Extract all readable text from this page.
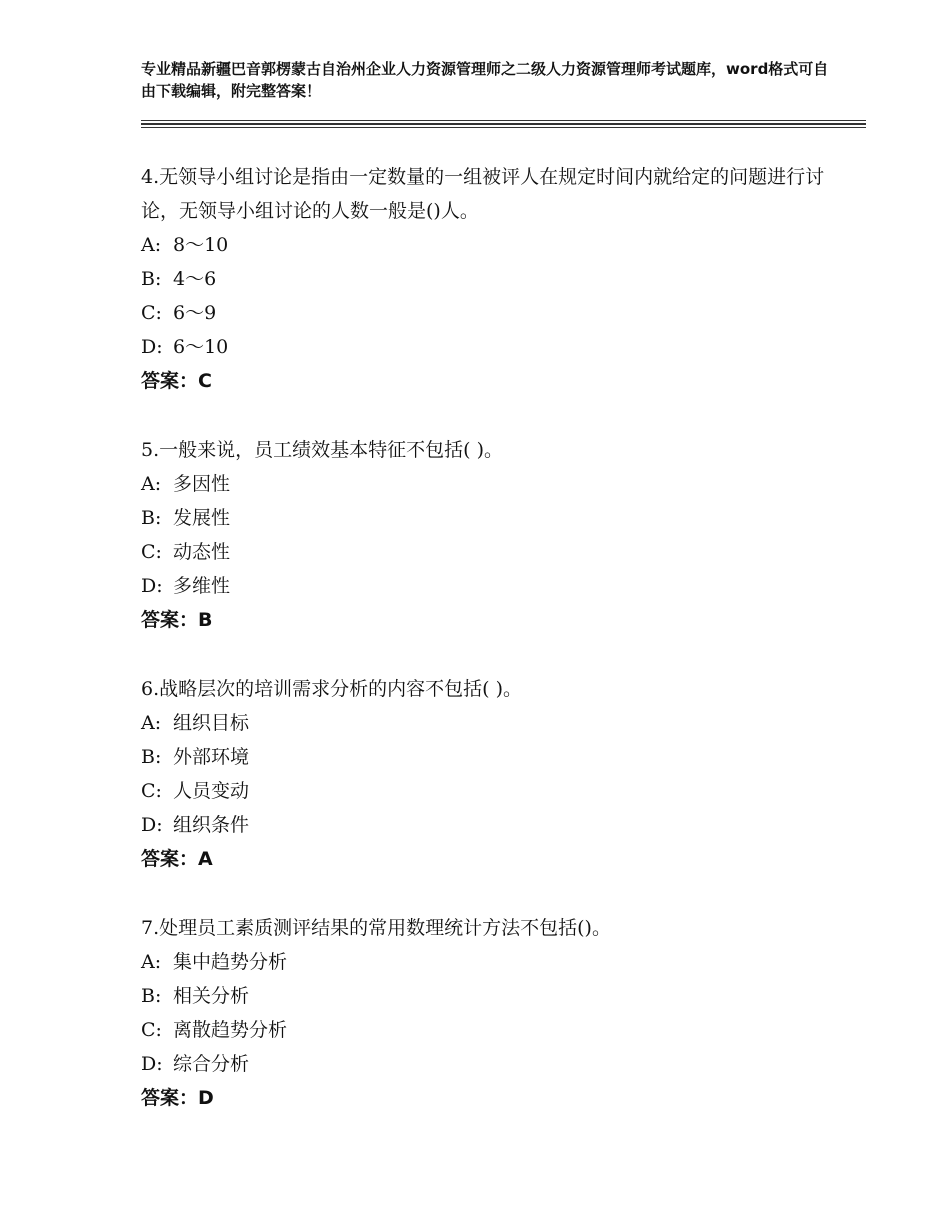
专业精品新疆巴音郭楞蒙古自治州企业人力资源管理师之二级人力资源管理师考试题库，word格式可自由下载编辑，附完整答案！

4.无领导小组讨论是指由一定数量的一组被评人在规定时间内就给定的问题进行讨论，无领导小组讨论的人数一般是()人。

A: 8～10

B: 4～6

C: 6～9

D: 6～10

答案：C

5.一般来说，员工绩效基本特征不包括( )。

A: 多因性

B: 发展性

C: 动态性

D: 多维性

答案：B

6.战略层次的培训需求分析的内容不包括( )。

A: 组织目标

B: 外部环境

C: 人员变动

D: 组织条件

答案：A

7.处理员工素质测评结果的常用数理统计方法不包括()。

A: 集中趋势分析

B: 相关分析

C: 离散趋势分析

D: 综合分析

答案：D
